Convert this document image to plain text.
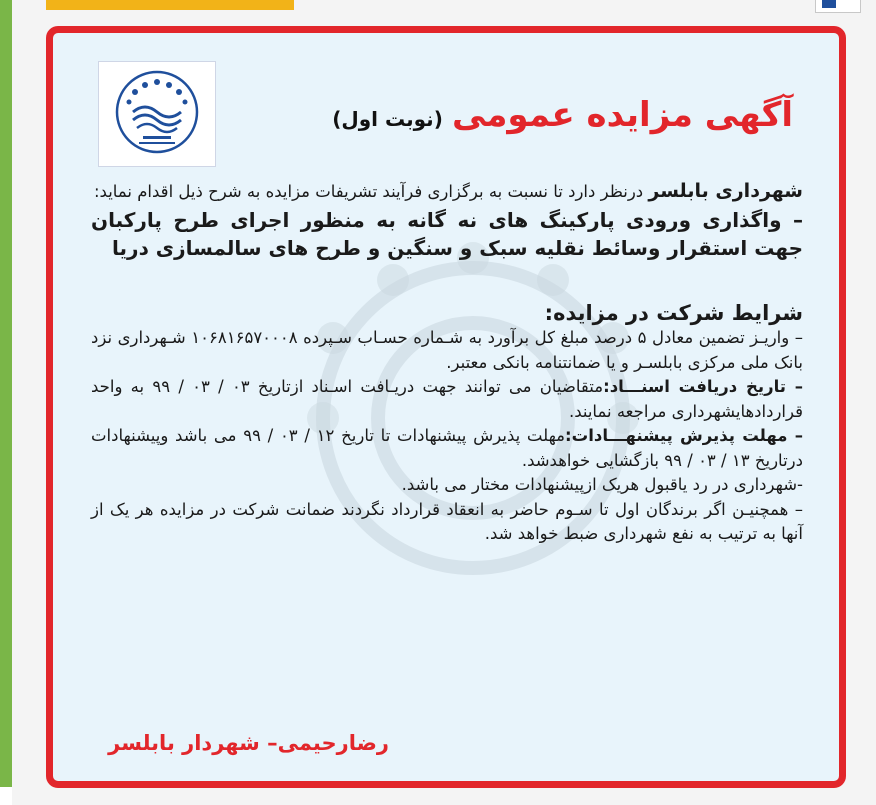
آگهی مزایده عمومی (نوبت اول)

شهرداری بابلسر درنظر دارد تا نسبت به برگزاری فرآیند تشریفات مزایده به شرح ذیل اقدام نماید:

– واگذاری ورودی پارکینگ های نه گانه به منظور اجرای طرح پارکبان جهت استقرار وسائط نقلیه سبک و سنگین و طرح های سالمسازی دریا

شرایط شرکت در مزایده:

– واریـز تضمین معادل ۵ درصد مبلغ کل برآورد به شـماره حسـاب سـپرده ۱۰۶۸۱۶۵۷۰۰۰۸ شـهرداری نزد بانک ملی مرکزی بابلسـر و یا ضمانتنامه بانکی معتبر.

– تاریخ دریافت اسنـــاد:متقاضیان می توانند جهت دریـافت اسـناد ازتاریخ ۰۳ / ۰۳ / ۹۹ به واحد قراردادهایشهرداری مراجعه نمایند.

– مهلت پذیرش پیشنهـــادات:مهلت پذیرش پیشنهادات تا تاریخ ۱۲ / ۰۳ / ۹۹ می باشد وپیشنهادات درتاریخ ۱۳ / ۰۳ / ۹۹ بازگشایی خواهدشد.

-شهرداری در رد یاقبول هریک ازپیشنهادات مختار می باشد.

– همچنیـن اگر برندگان اول تا سـوم حاضر به انعقاد قرارداد نگردند ضمانت شرکت در مزایده هر یک از آنها به ترتیب به نفع شهرداری ضبط خواهد شد.

رضارحیمی– شهردار بابلسر
